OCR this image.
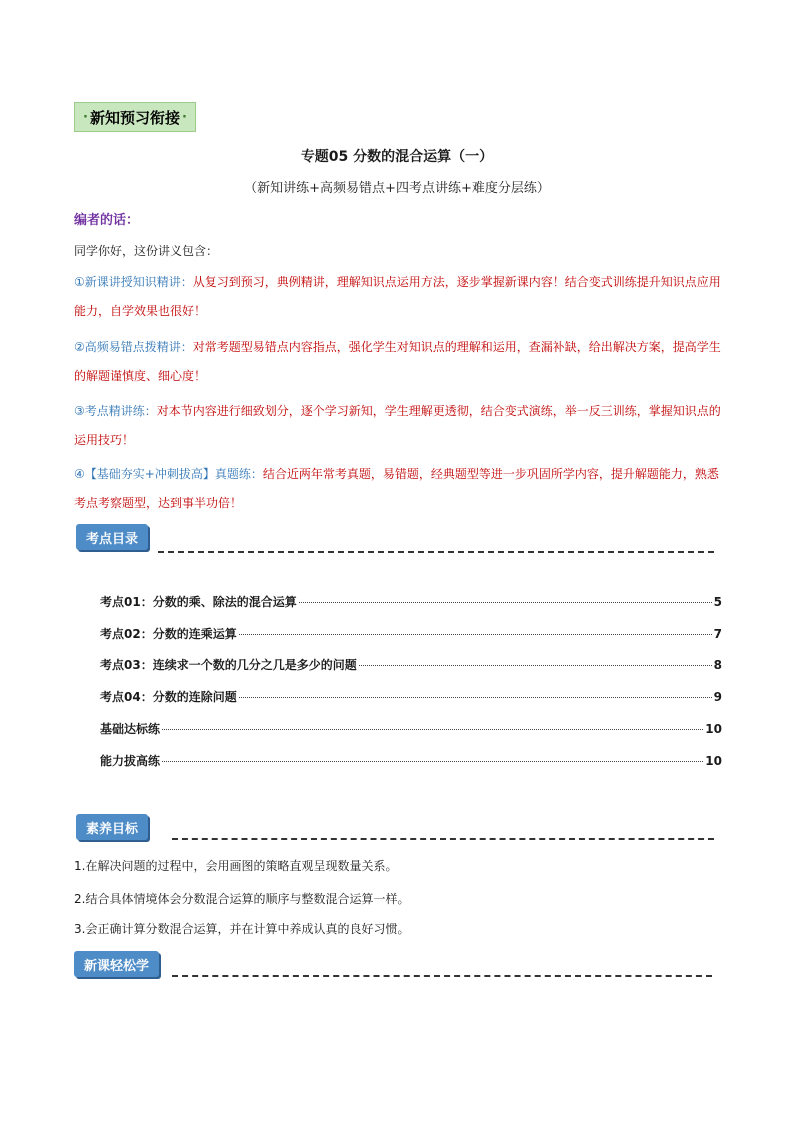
· 新知预习衔接 ·
专题05 分数的混合运算（一）
（新知讲练+高频易错点+四考点讲练+难度分层练）
编者的话：
同学你好，这份讲义包含：
①新课讲授知识精讲：从复习到预习，典例精讲，理解知识点运用方法，逐步掌握新课内容！结合变式训练提升知识点应用能力，自学效果也很好！
②高频易错点拨精讲：对常考题型易错点内容指点，强化学生对知识点的理解和运用，查漏补缺，给出解决方案，提高学生的解题谨慎度、细心度！
③考点精讲练：对本节内容进行细致划分，逐个学习新知，学生理解更透彻，结合变式演练，举一反三训练，掌握知识点的运用技巧！
④【基础夯实+冲刺拔高】真题练：结合近两年常考真题，易错题，经典题型等进一步巩固所学内容，提升解题能力，熟悉考点考察题型，达到事半功倍！
考点目录
考点01：分数的乘、除法的混合运算	5
考点02：分数的连乘运算	7
考点03：连续求一个数的几分之几是多少的问题	8
考点04：分数的连除问题	9
基础达标练	10
能力拔高练	10
素养目标
1.在解决问题的过程中，会用画图的策略直观呈现数量关系。
2.结合具体情境体会分数混合运算的顺序与整数混合运算一样。
3.会正确计算分数混合运算，并在计算中养成认真的良好习惯。
新课轻松学
